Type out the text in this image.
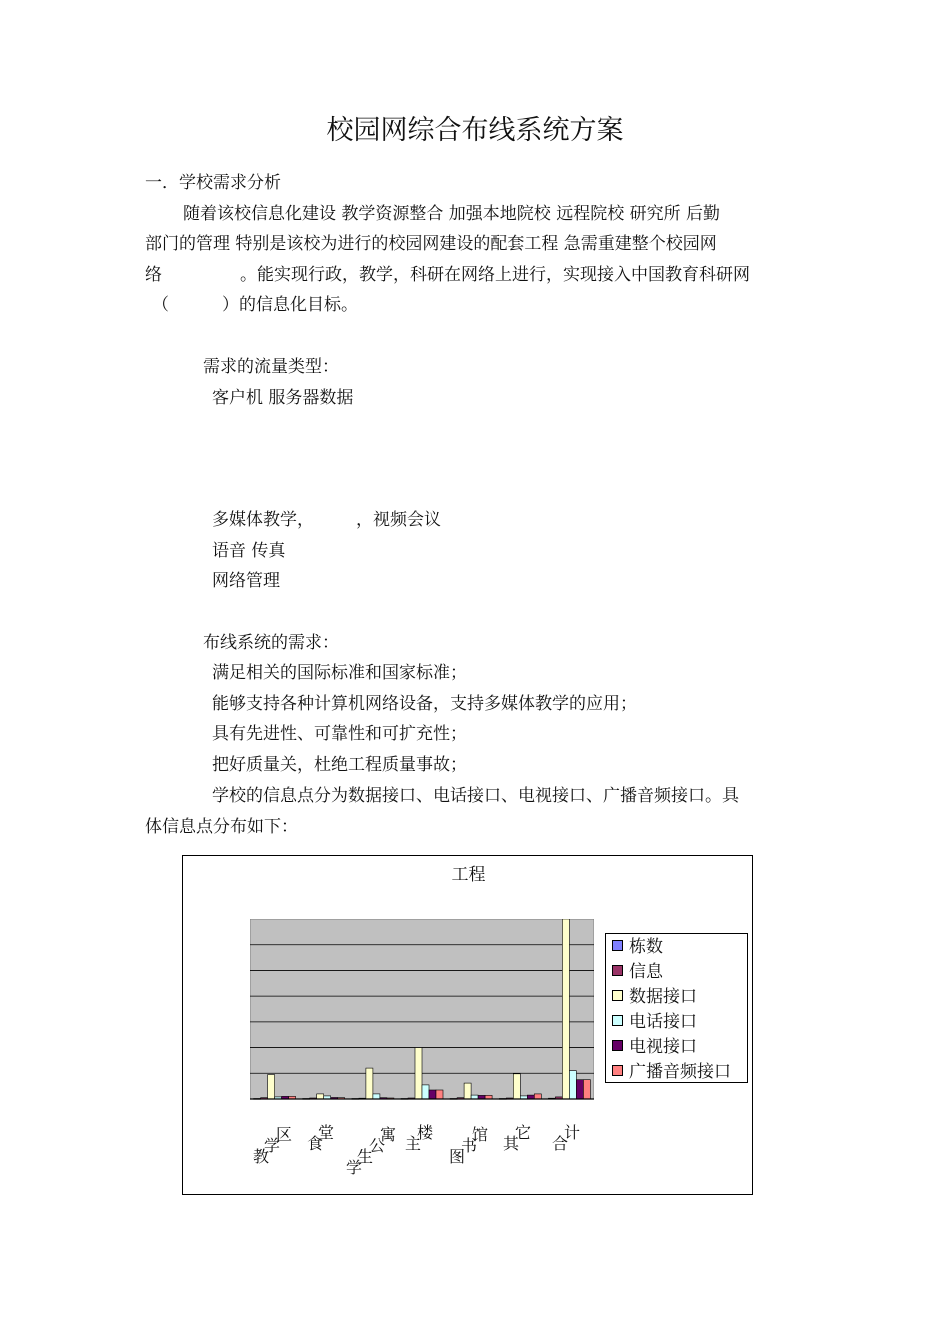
校园网综合布线系统方案
一．学校需求分析
随着该校信息化建设 教学资源整合 加强本地院校 远程院校 研究所 后勤
部门的管理 特别是该校为进行的校园网建设的配套工程 急需重建整个校园网
络	。能实现行政，教学，科研在网络上进行，实现接入中国教育科研网
（	）的信息化目标。
需求的流量类型：
客户机 服务器数据
多媒体教学， ，视频会议
语音 传真
网络管理
布线系统的需求：
满足相关的国际标准和国家标准；
能够支持各种计算机网络设备，支持多媒体教学的应用；
具有先进性、可靠性和可扩充性；
把好质量关，杜绝工程质量事故；
学校的信息点分为数据接口、电话接口、电视接口、广播音频接口。具
体信息点分布如下：
工程
栋数
信息
数据接口
电话接口
电视接口
广播音频接口
教
学
区 食
堂
学
生
公
寓 主
楼
图
书
馆 其
它
合
计
